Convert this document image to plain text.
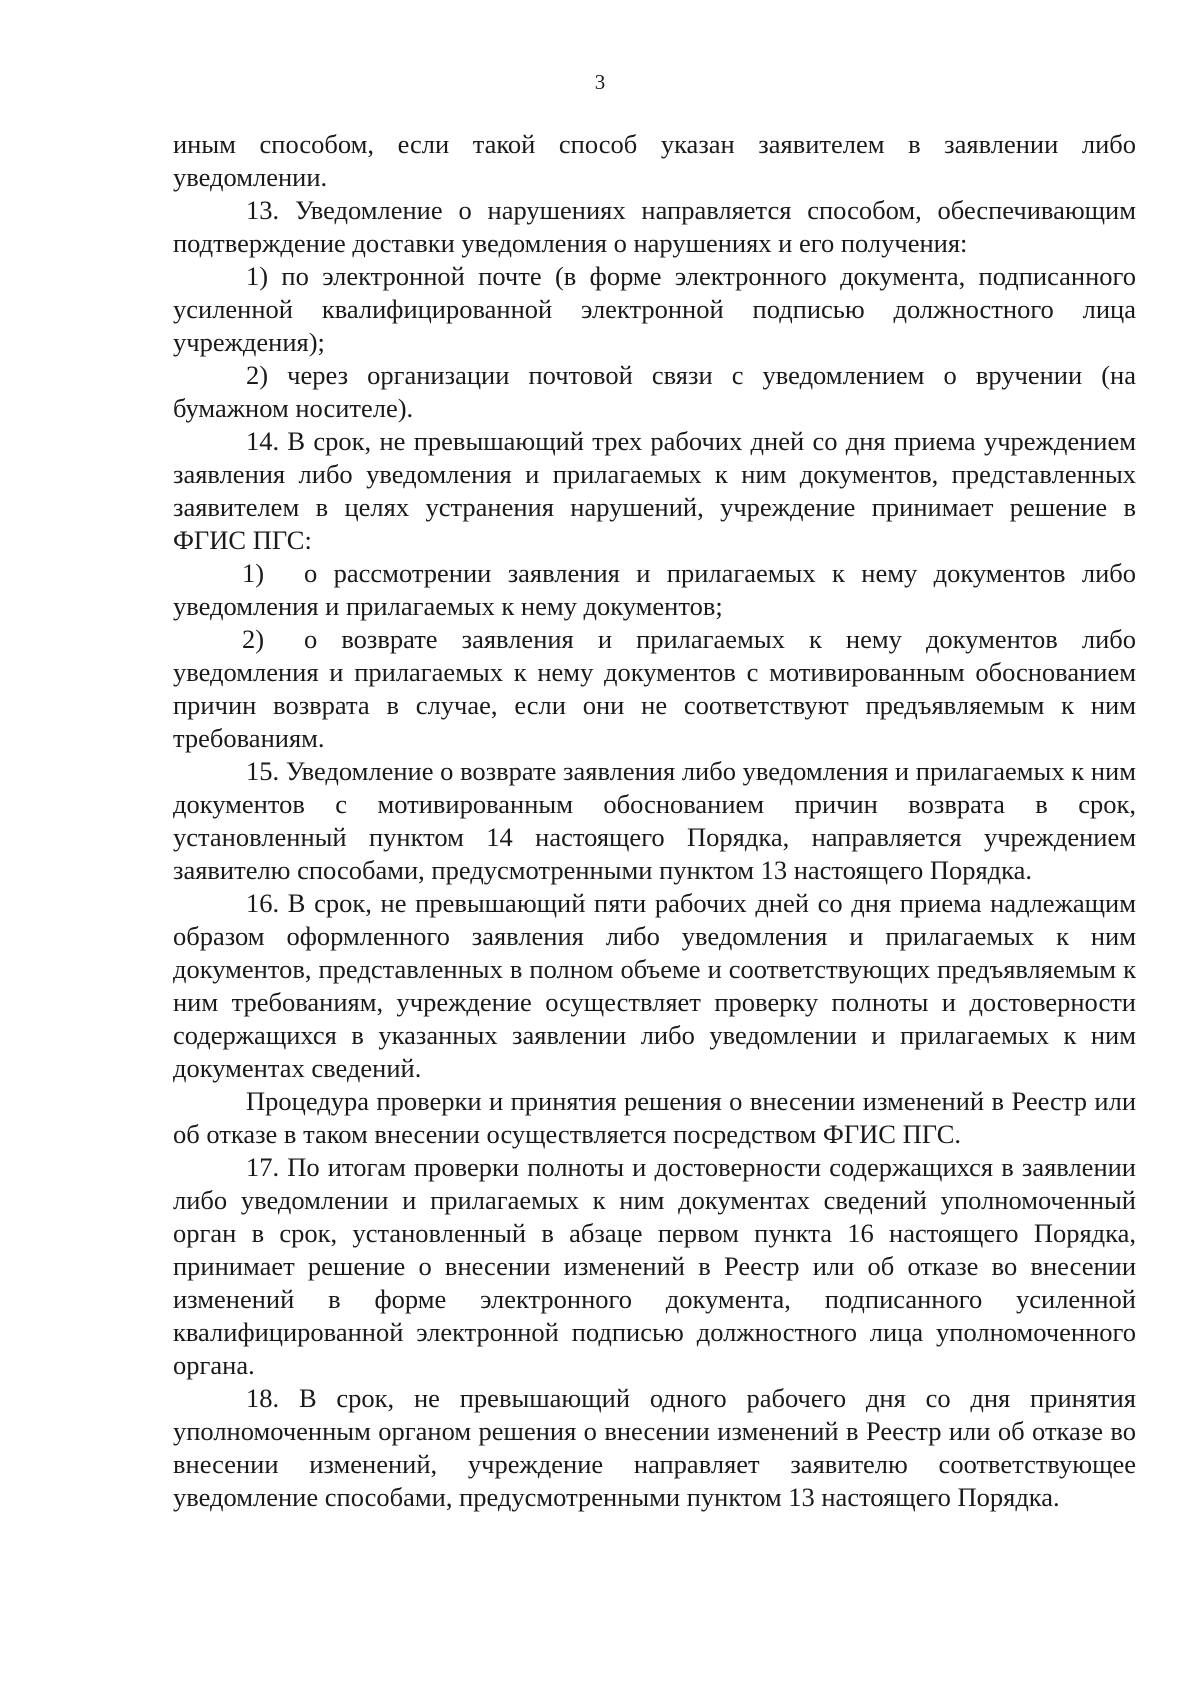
3

иным способом, если такой способ указан заявителем в заявлении либо уведомлении.

13. Уведомление о нарушениях направляется способом, обеспечивающим подтверждение доставки уведомления о нарушениях и его получения:

1) по электронной почте (в форме электронного документа, подписанного усиленной квалифицированной электронной подписью должностного лица учреждения);

2) через организации почтовой связи с уведомлением о вручении (на бумажном носителе).

14. В срок, не превышающий трех рабочих дней со дня приема учреждением заявления либо уведомления и прилагаемых к ним документов, представленных заявителем в целях устранения нарушений, учреждение принимает решение в ФГИС ПГС:

1) о рассмотрении заявления и прилагаемых к нему документов либо уведомления и прилагаемых к нему документов;

2) о возврате заявления и прилагаемых к нему документов либо уведомления и прилагаемых к нему документов с мотивированным обоснованием причин возврата в случае, если они не соответствуют предъявляемым к ним требованиям.

15. Уведомление о возврате заявления либо уведомления и прилагаемых к ним документов с мотивированным обоснованием причин возврата в срок, установленный пунктом 14 настоящего Порядка, направляется учреждением заявителю способами, предусмотренными пунктом 13 настоящего Порядка.

16. В срок, не превышающий пяти рабочих дней со дня приема надлежащим образом оформленного заявления либо уведомления и прилагаемых к ним документов, представленных в полном объеме и соответствующих предъявляемым к ним требованиям, учреждение осуществляет проверку полноты и достоверности содержащихся в указанных заявлении либо уведомлении и прилагаемых к ним документах сведений.

Процедура проверки и принятия решения о внесении изменений в Реестр или об отказе в таком внесении осуществляется посредством ФГИС ПГС.

17. По итогам проверки полноты и достоверности содержащихся в заявлении либо уведомлении и прилагаемых к ним документах сведений уполномоченный орган в срок, установленный в абзаце первом пункта 16 настоящего Порядка, принимает решение о внесении изменений в Реестр или об отказе во внесении изменений в форме электронного документа, подписанного усиленной квалифицированной электронной подписью должностного лица уполномоченного органа.

18. В срок, не превышающий одного рабочего дня со дня принятия уполномоченным органом решения о внесении изменений в Реестр или об отказе во внесении изменений, учреждение направляет заявителю соответствующее уведомление способами, предусмотренными пунктом 13 настоящего Порядка.
